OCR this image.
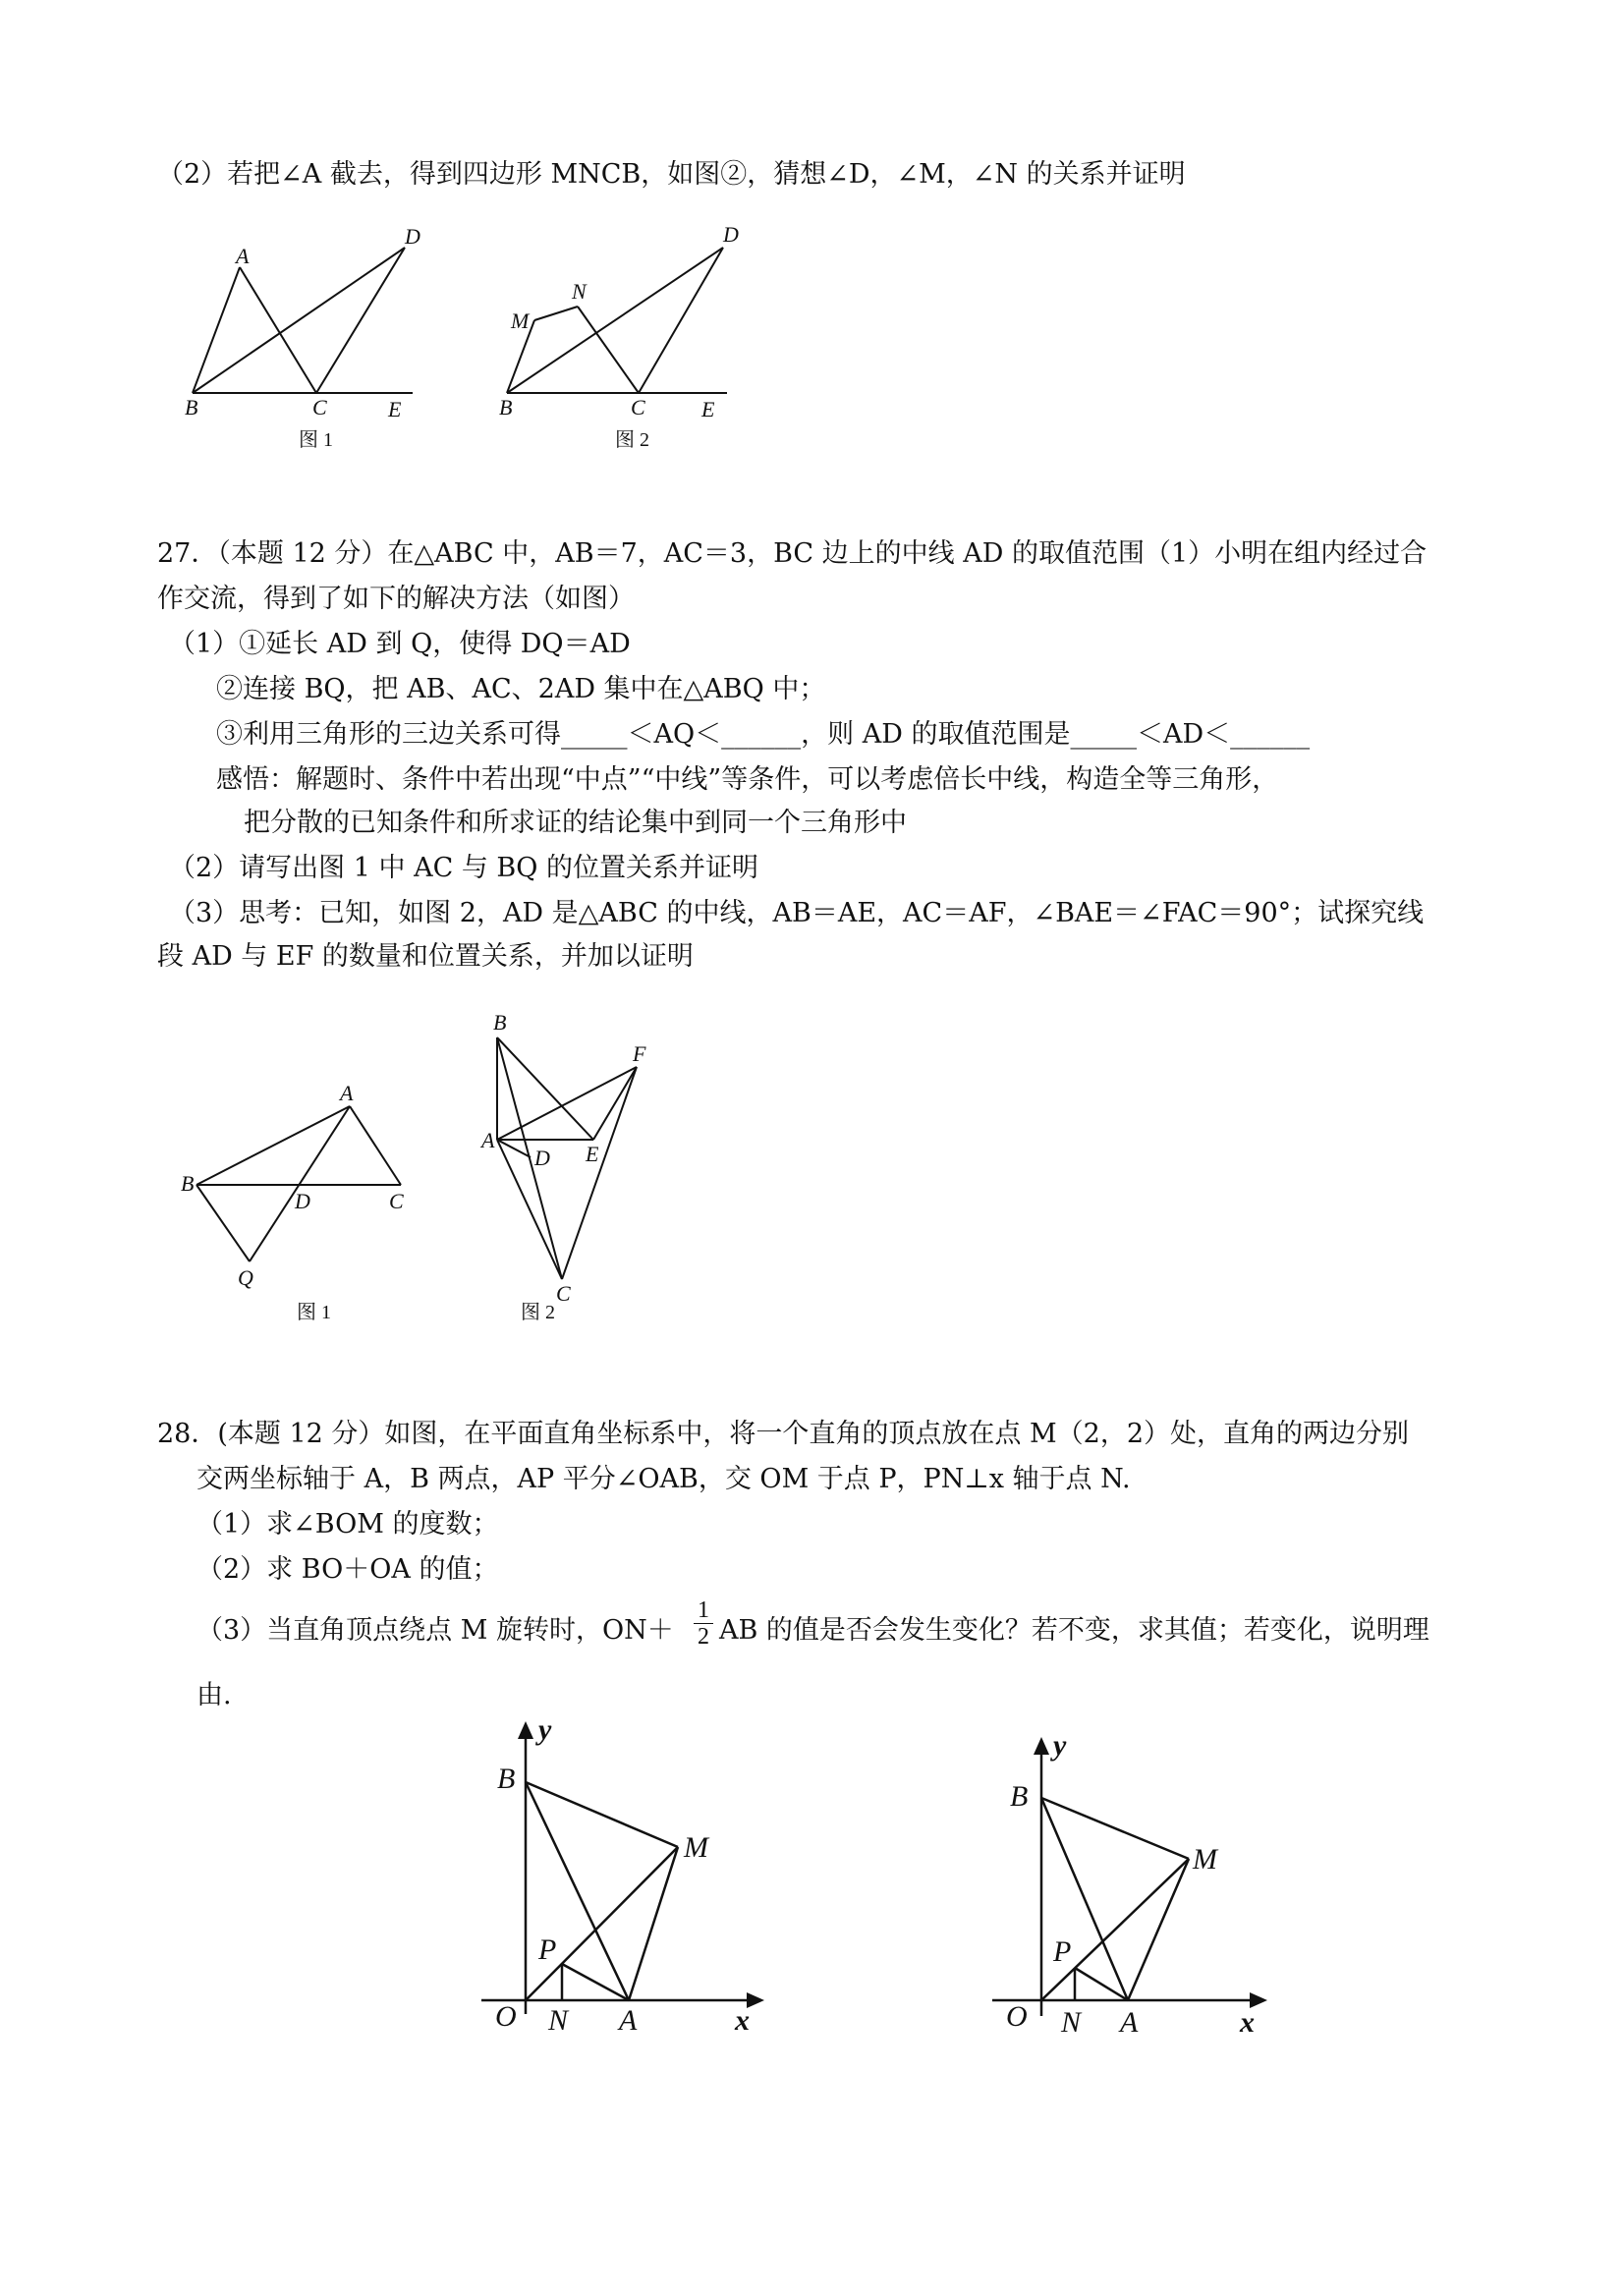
（2）若把∠A 截去，得到四边形 MNCB，如图②，猜想∠D，∠M，∠N 的关系并证明
A
D
B	C	E
图 1
D
N
M
B	C	E
图 2
27．（本题 12 分）在△ABC 中，AB＝7，AC＝3，BC 边上的中线 AD 的取值范围（1）小明在组内经过合
作交流，得到了如下的解决方法（如图）
（1）①延长 AD 到 Q，使得 DQ＝AD
②连接 BQ，把 AB、AC、2AD 集中在△ABQ 中；
③利用三角形的三边关系可得_____＜AQ＜______，则 AD 的取值范围是_____＜AD＜______
感悟：解题时、条件中若出现“中点”“中线”等条件，可以考虑倍长中线，构造全等三角形，
把分散的已知条件和所求证的结论集中到同一个三角形中
（2）请写出图 1 中 AC 与 BQ 的位置关系并证明
（3）思考：已知，如图 2，AD 是△ABC 的中线，AB＝AE，AC＝AF，∠BAE＝∠FAC＝90°；试探究线
段 AD 与 EF 的数量和位置关系，并加以证明
A
B
D	C
Q
图 1
B
F
A
D E
C
图 2
28．(本题 12 分）如图，在平面直角坐标系中，将一个直角的顶点放在点 M（2，2）处，直角的两边分别
交两坐标轴于 A，B 两点，AP 平分∠OAB，交 OM 于点 P，PN⊥x 轴于点 N.
（1）求∠BOM 的度数；
（2）求 BO＋OA 的值；
（3）当直角顶点绕点 M 旋转时，$ON+ \frac{1}{2}$ AB 的值是否会发生变化？若不变，求其值；若变化，说明理
由.
y
B
M
P
O N A	x
y
B
M
P
O N A	x
